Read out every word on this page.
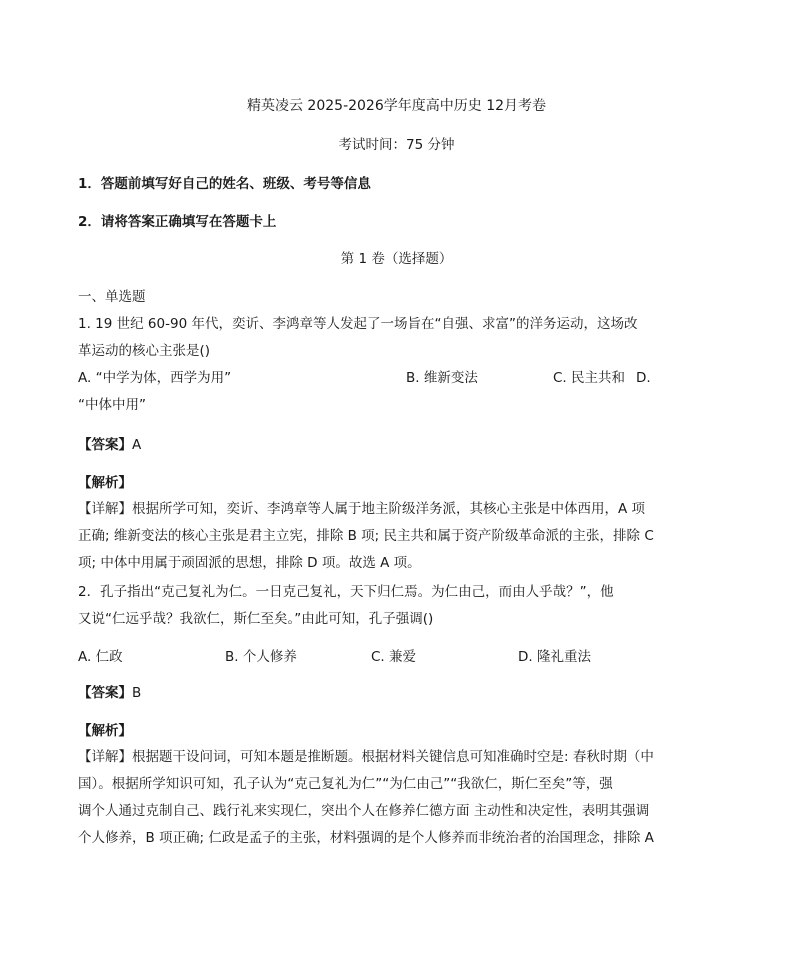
精英凌云 2025-2026学年度高中历史 12月考卷
考试时间：75 分钟
1．答题前填写好自己的姓名、班级、考号等信息
2．请将答案正确填写在答题卡上
第 1 卷（选择题）
一、单选题
1. 19 世纪 60-90 年代，奕䜣、李鸿章等人发起了一场旨在“自强、求富”的洋务运动，这场改
革运动的核心主张是()
A. “中学为体，西学为用”	B. 维新变法	C. 民主共和 D.
“中体中用”
【答案】A
【解析】
【详解】根据所学可知，奕䜣、李鸿章等人属于地主阶级洋务派，其核心主张是中体西用，A 项
正确; 维新变法的核心主张是君主立宪，排除 B 项; 民主共和属于资产阶级革命派的主张，排除 C
项; 中体中用属于顽固派的思想，排除 D 项。故选 A 项。
2．孔子指出“克己复礼为仁。一日克己复礼，天下归仁焉。为仁由己，而由人乎哉？”，他
又说“仁远乎哉？我欲仁，斯仁至矣。”由此可知，孔子强调()
A. 仁政	B. 个人修养	C. 兼爱	D. 隆礼重法
【答案】B
【解析】
【详解】根据题干设问词，可知本题是推断题。根据材料关键信息可知准确时空是: 春秋时期（中
国）。根据所学知识可知，孔子认为“克己复礼为仁”“为仁由己”“我欲仁，斯仁至矣”等，强
调个人通过克制自己、践行礼来实现仁，突出个人在修养仁德方面 主动性和决定性，表明其强调
个人修养，B 项正确; 仁政是孟子的主张，材料强调的是个人修养而非统治者的治国理念，排除 A
